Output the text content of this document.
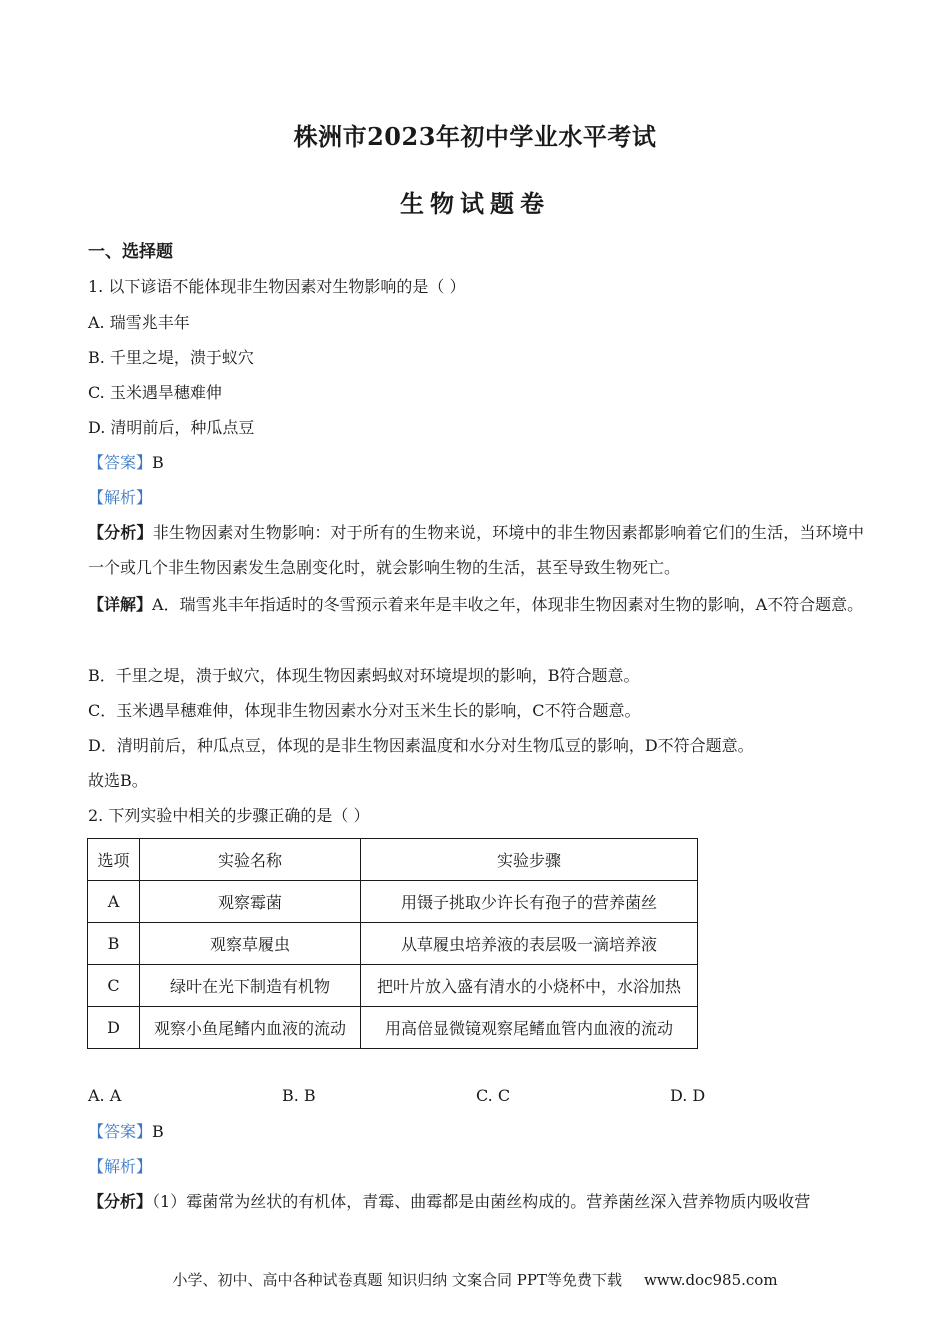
株洲市2023年初中学业水平考试
生物试题卷
一、选择题
1. 以下谚语不能体现非生物因素对生物影响的是（ ）
A. 瑞雪兆丰年
B. 千里之堤，溃于蚁穴
C. 玉米遇旱穗难伸
D. 清明前后，种瓜点豆
【答案】B
【解析】
【分析】非生物因素对生物影响：对于所有的生物来说，环境中的非生物因素都影响着它们的生活，当环境中一个或几个非生物因素发生急剧变化时，就会影响生物的生活，甚至导致生物死亡。
【详解】A．瑞雪兆丰年指适时的冬雪预示着来年是丰收之年，体现非生物因素对生物的影响，A不符合题意。
B．千里之堤，溃于蚁穴，体现生物因素蚂蚁对环境堤坝的影响，B符合题意。
C．玉米遇旱穗难伸，体现非生物因素水分对玉米生长的影响，C不符合题意。
D．清明前后，种瓜点豆，体现的是非生物因素温度和水分对生物瓜豆的影响，D不符合题意。
故选B。
2. 下列实验中相关的步骤正确的是（ ）
选项	实验名称	实验步骤
A	观察霉菌	用镊子挑取少许长有孢子的营养菌丝
B	观察草履虫	从草履虫培养液的表层吸一滴培养液
C	绿叶在光下制造有机物	把叶片放入盛有清水的小烧杯中，水浴加热
D	观察小鱼尾鳍内血液的流动	用高倍显微镜观察尾鳍血管内血液的流动
A. A	B. B	C. C	D. D
【答案】B
【解析】
【分析】（1）霉菌常为丝状的有机体，青霉、曲霉都是由菌丝构成的。营养菌丝深入营养物质内吸收营
小学、初中、高中各种试卷真题 知识归纳 文案合同 PPT等免费下载 www.doc985.com
